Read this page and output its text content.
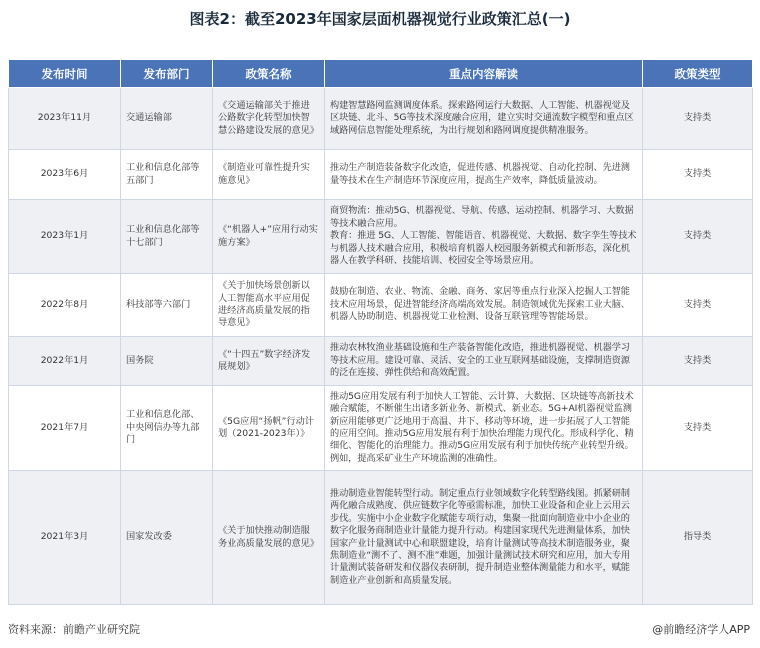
图表2：截至2023年国家层面机器视觉行业政策汇总(一)
发布时间	发布部门	政策名称	重点内容解读	政策类型
2023年11月	交通运输部	《交通运输部关于推进公路数字化转型加快智慧公路建设发展的意见》	构建智慧路网监测调度体系。探索路网运行大数据、人工智能、机器视觉及区块链、北斗、5G等技术深度融合应用，建立实时交通流数字模型和重点区域路网信息智能处理系统，为出行规划和路网调度提供精准服务。	支持类
2023年6月	工业和信息化部等五部门	《制造业可靠性提升实施意见》	推动生产制造装备数字化改造，促进传感、机器视觉、自动化控制、先进测量等技术在生产制造环节深度应用，提高生产效率，降低质量波动。	支持类
2023年1月	工业和信息化部等十七部门	《“机器人+”应用行动实施方案》	商贸物流：推动5G、机器视觉、导航、传感、运动控制、机器学习、大数据等技术融合应用。
教育：推进 5G、人工智能、智能语音、机器视觉、大数据、数字孪生等技术与机器人技术融合应用，积极培育机器人校园服务新模式和新形态，深化机器人在教学科研、技能培训、校园安全等场景应用。	支持类
2022年8月	科技部等六部门	《关于加快场景创新以人工智能高水平应用促进经济高质量发展的指导意见》	鼓励在制造、农业、物流、金融、商务、家居等重点行业深入挖掘人工智能技术应用场景，促进智能经济高端高效发展。制造领域优先探索工业大脑、机器人协助制造、机器视觉工业检测、设备互联管理等智能场景。	支持类
2022年1月	国务院	《“十四五”数字经济发展规划》	推动农林牧渔业基础设施和生产装备智能化改造，推进机器视觉、机器学习等技术应用。建设可靠、灵活、安全的工业互联网基础设施，支撑制造资源的泛在连接、弹性供给和高效配置。	支持类
2021年7月	工业和信息化部、中央网信办等九部门	《5G应用“扬帆”行动计划（2021-2023年）》	推动5G应用发展有利于加快人工智能、云计算、大数据、区块链等高新技术融合赋能，不断催生出诸多新业务、新模式、新业态。5G+AI机器视觉监测新应用能够更广泛地用于高温、井下、移动等环境，进一步拓展了人工智能的应用空间。推动5G应用发展有利于加快治理能力现代化。形成科学化、精细化、智能化的治理能力。推动5G应用发展有利于加快传统产业转型升级。例如，提高采矿业生产环境监测的准确性。	支持类
2021年3月	国家发改委	《关于加快推动制造服务业高质量发展的意见》	推动制造业智能转型行动。制定重点行业领域数字化转型路线图。抓紧研制两化融合成熟度、供应链数字化等亟需标准，加快工业设备和企业上云用云步伐。实施中小企业数字化赋能专项行动，集聚一批面向制造业中小企业的数字化服务商制造业计量能力提升行动。构建国家现代先进测量体系，加快国家产业计量测试中心和联盟建设，培育计量测试等高技术制造服务业，聚焦制造业“测不了、测不准”难题，加强计量测试技术研究和应用，加大专用计量测试装备研发和仪器仪表研制，提升制造业整体测量能力和水平，赋能制造业产业创新和高质量发展。	指导类
资料来源：前瞻产业研究院	@前瞻经济学人APP
